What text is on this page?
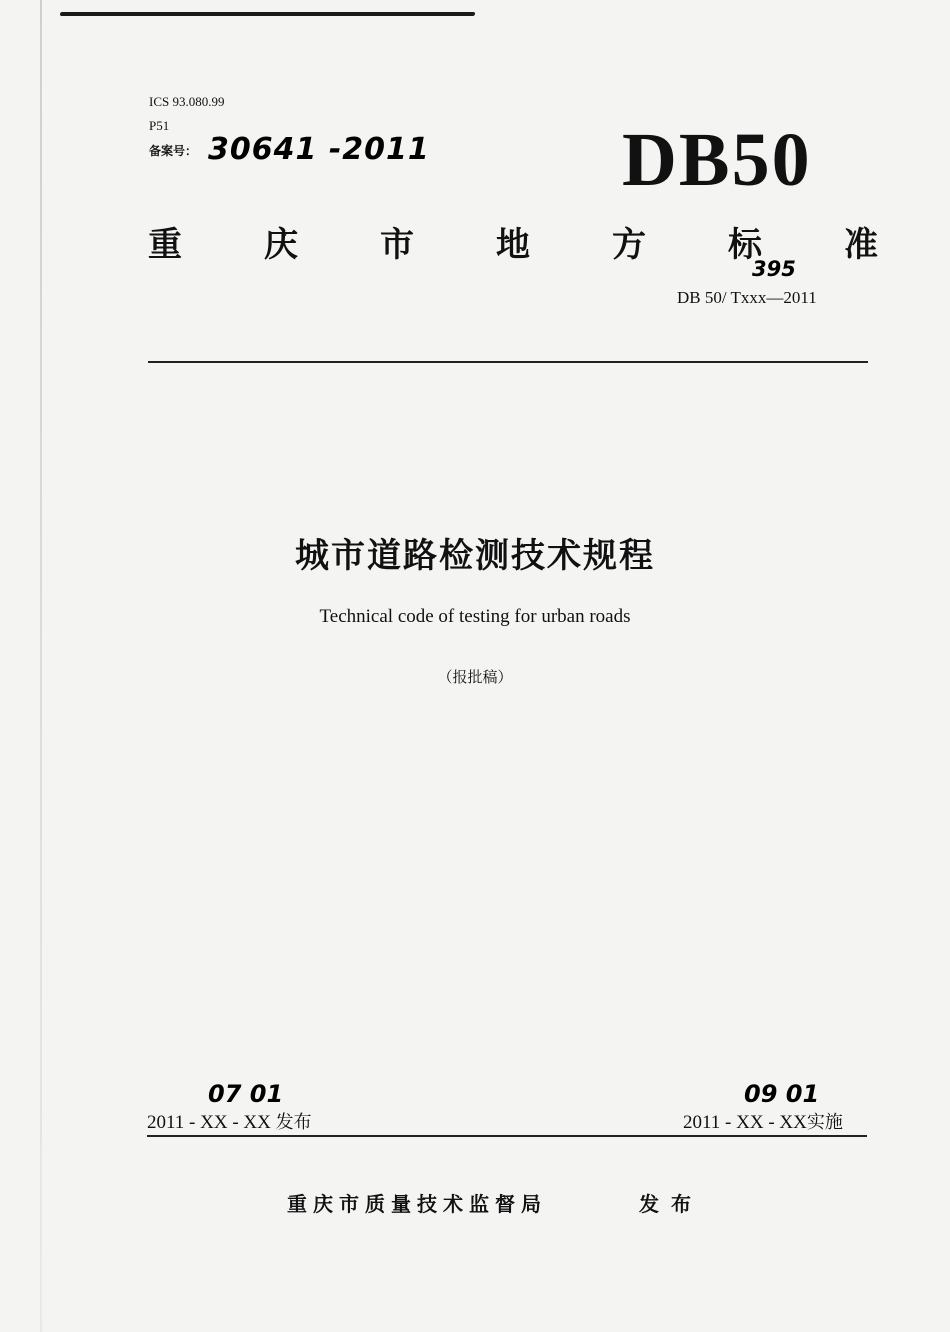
ICS 93.080.99
P51
备案号： 30641 -2011	DB50
重 庆 市 地 方 标 准
395
DB 50/ Txxx—2011
城市道路检测技术规程
Technical code of testing for urban roads
（报批稿）
07 01
2011 - XX - XX 发布
09 01
2011 - XX - XX实施
重庆市质量技术监督局	发布
